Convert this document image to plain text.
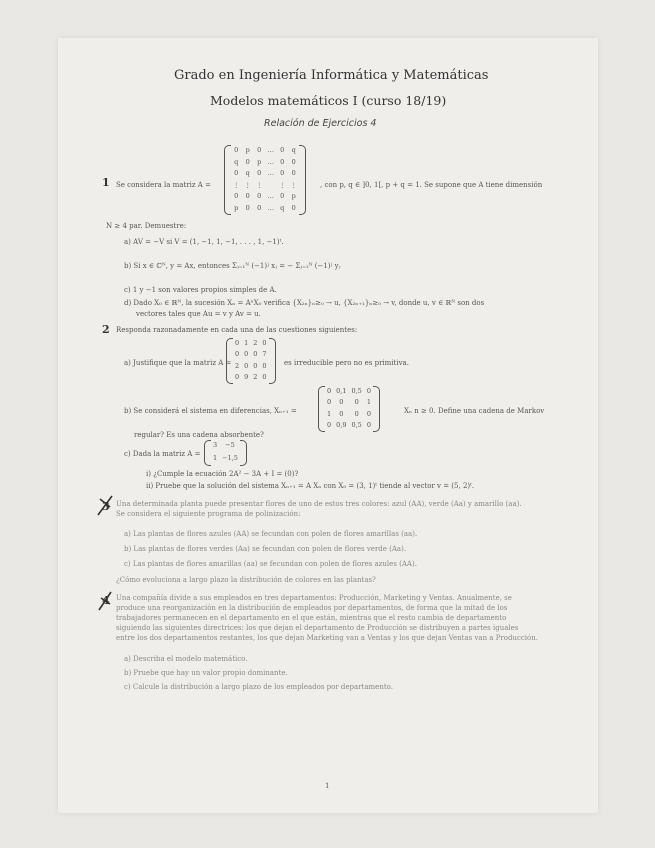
Grado en Ingeniería Informática y Matemáticas
Modelos matemáticos I (curso 18/19)
Relación de Ejercicios 4
1 Se considera la matriz A =
0 p 0 … 0 q
q 0 p … 0 0
0 q 0 … 0 0
⋮ ⋮ ⋮	⋮ ⋮
0 0 0 … 0 p
p 0 0 … q 0
, con p, q ∈ ]0, 1[, p + q = 1. Se supone que A tiene dimensión
N ≥ 4 par. Demuestre:
a) AV = −V si V = (1, −1, 1, −1, . . . , 1, −1)ᵗ.
b) Si x ∈ ℂᴺ, y = Ax, entonces Σⱼ₌₁ᴺ (−1)ʲ xⱼ = − Σⱼ₌₁ᴺ (−1)ʲ yⱼ
c) 1 y −1 son valores propios simples de A.
d) Dado X₀ ∈ ℝᴺ, la sucesión Xₙ = AⁿX₀ verifica {X₂ₙ}ₙ≥₀ → u, {X₂ₙ₊₁}ₙ≥₀ → v, donde u, v ∈ ℝᴺ son dos
vectores tales que Au = v y Av = u.
2 Responda razonadamente en cada una de las cuestiones siguientes:
a) Justifique que la matriz A =
0 1 2 0
0 0 0 7
2 0 0 0
0 9 2 0
es irreducible pero no es primitiva.
b) Se considerá el sistema en diferencias, Xₙ₊₁ =
0 0,1 0,5 0
0	0	0	1
1	0	0	0
0 0,9 0,5 0
Xₙ n ≥ 0. Define una cadena de Markov
regular? Es una cadena absorbente?
c) Dada la matriz A =
3	−5
1 −1,5
i) ¿Cumple la ecuación 2A² − 3A + I = (0)?
ii) Pruebe que la solución del sistema Xₙ₊₁ = A Xₙ con X₀ = (3, 1)ᵗ tiende al vector v = (5, 2)ᵗ.
3 Una determinada planta puede presentar flores de uno de estos tres colores: azul (AA), verde (Aa) y amarillo (aa).
Se considera el siguiente programa de polinización:
a) Las plantas de flores azules (AA) se fecundan con polen de flores amarillas (aa).
b) Las plantas de flores verdes (Aa) se fecundan con polen de flores verde (Aa).
c) Las plantas de flores amarillas (aa) se fecundan con polen de flores azules (AA).
¿Cómo evoluciona a largo plazo la distribución de colores en las plantas?
4 Una compañía divide a sus empleados en tres departamentos: Producción, Marketing y Ventas. Anualmente, se
produce una reorganización en la distribución de empleados por departamentos, de forma que la mitad de los
trabajadores permanecen en el departamento en el que están, mientras que el resto cambia de departamento
siguiendo las siguientes directrices: los que dejan el departamento de Producción se distribuyen a partes iguales
entre los dos departamentos restantes, los que dejan Marketing van a Ventas y los que dejan Ventas van a Producción.
a) Describa el modelo matemático.
b) Pruebe que hay un valor propio dominante.
c) Calcule la distribución a largo plazo de los empleados por departamento.
1
